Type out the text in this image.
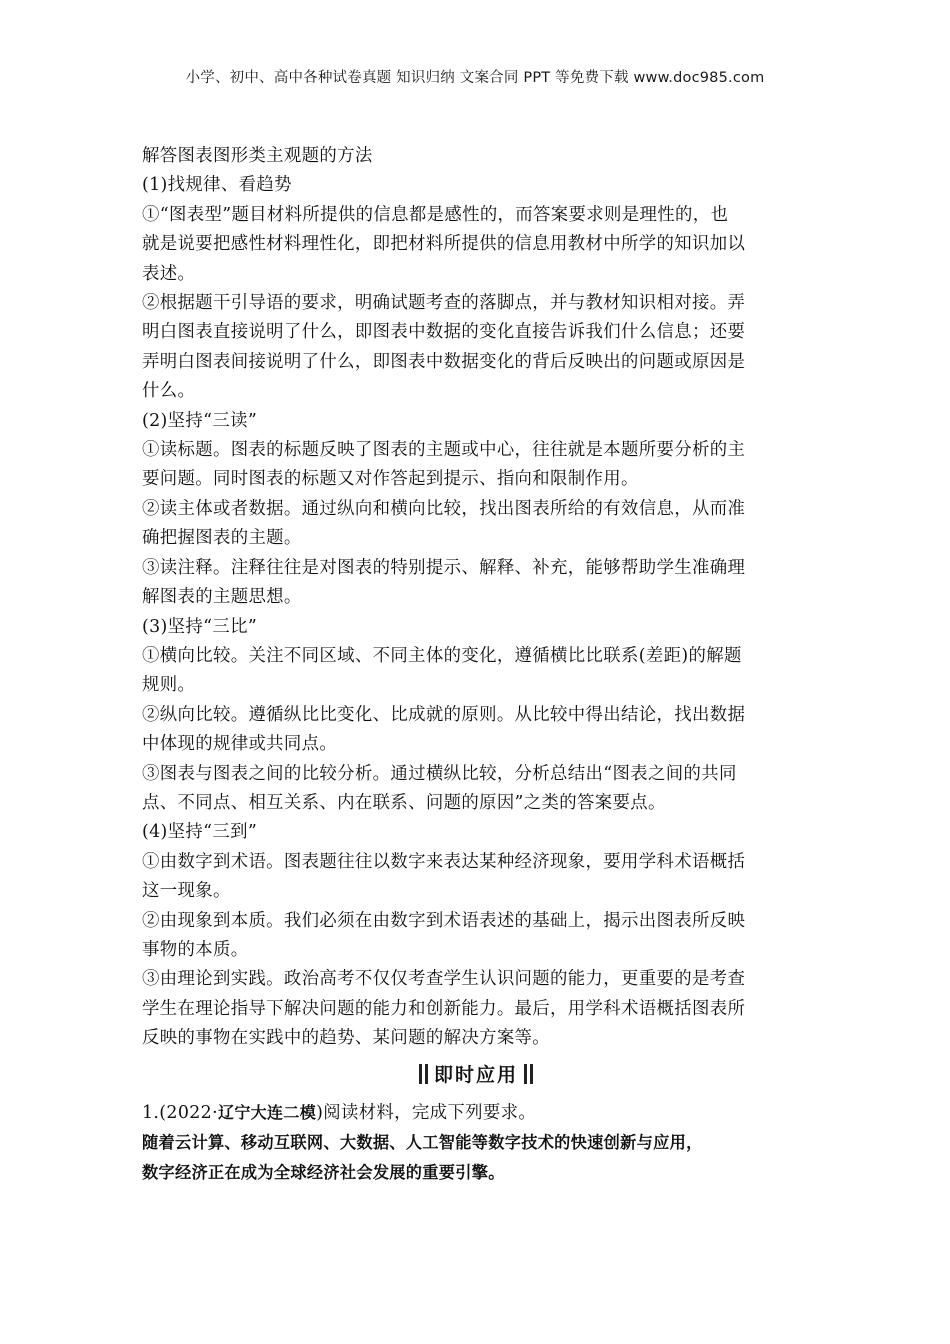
小学、初中、高中各种试卷真题 知识归纳 文案合同 PPT 等免费下载 www.doc985.com

解答图表图形类主观题的方法

(1)找规律、看趋势

①“图表型”题目材料所提供的信息都是感性的，而答案要求则是理性的，也

就是说要把感性材料理性化，即把材料所提供的信息用教材中所学的知识加以

表述。

②根据题干引导语的要求，明确试题考查的落脚点，并与教材知识相对接。弄

明白图表直接说明了什么，即图表中数据的变化直接告诉我们什么信息；还要

弄明白图表间接说明了什么，即图表中数据变化的背后反映出的问题或原因是

什么。

(2)坚持“三读”

①读标题。图表的标题反映了图表的主题或中心，往往就是本题所要分析的主

要问题。同时图表的标题又对作答起到提示、指向和限制作用。

②读主体或者数据。通过纵向和横向比较，找出图表所给的有效信息，从而准

确把握图表的主题。

③读注释。注释往往是对图表的特别提示、解释、补充，能够帮助学生准确理

解图表的主题思想。

(3)坚持“三比”

①横向比较。关注不同区域、不同主体的变化，遵循横比比联系(差距)的解题

规则。

②纵向比较。遵循纵比比变化、比成就的原则。从比较中得出结论，找出数据

中体现的规律或共同点。

③图表与图表之间的比较分析。通过横纵比较，分析总结出“图表之间的共同

点、不同点、相互关系、内在联系、问题的原因”之类的答案要点。

(4)坚持“三到”

①由数字到术语。图表题往往以数字来表达某种经济现象，要用学科术语概括

这一现象。

②由现象到本质。我们必须在由数字到术语表述的基础上，揭示出图表所反映

事物的本质。

③由理论到实践。政治高考不仅仅考查学生认识问题的能力，更重要的是考查

学生在理论指导下解决问题的能力和创新能力。最后，用学科术语概括图表所

反映的事物在实践中的趋势、某问题的解决方案等。

即时应用
1.(2022·辽宁大连二模)阅读材料，完成下列要求。

随着云计算、移动互联网、大数据、人工智能等数字技术的快速创新与应用，

数字经济正在成为全球经济社会发展的重要引擎。
